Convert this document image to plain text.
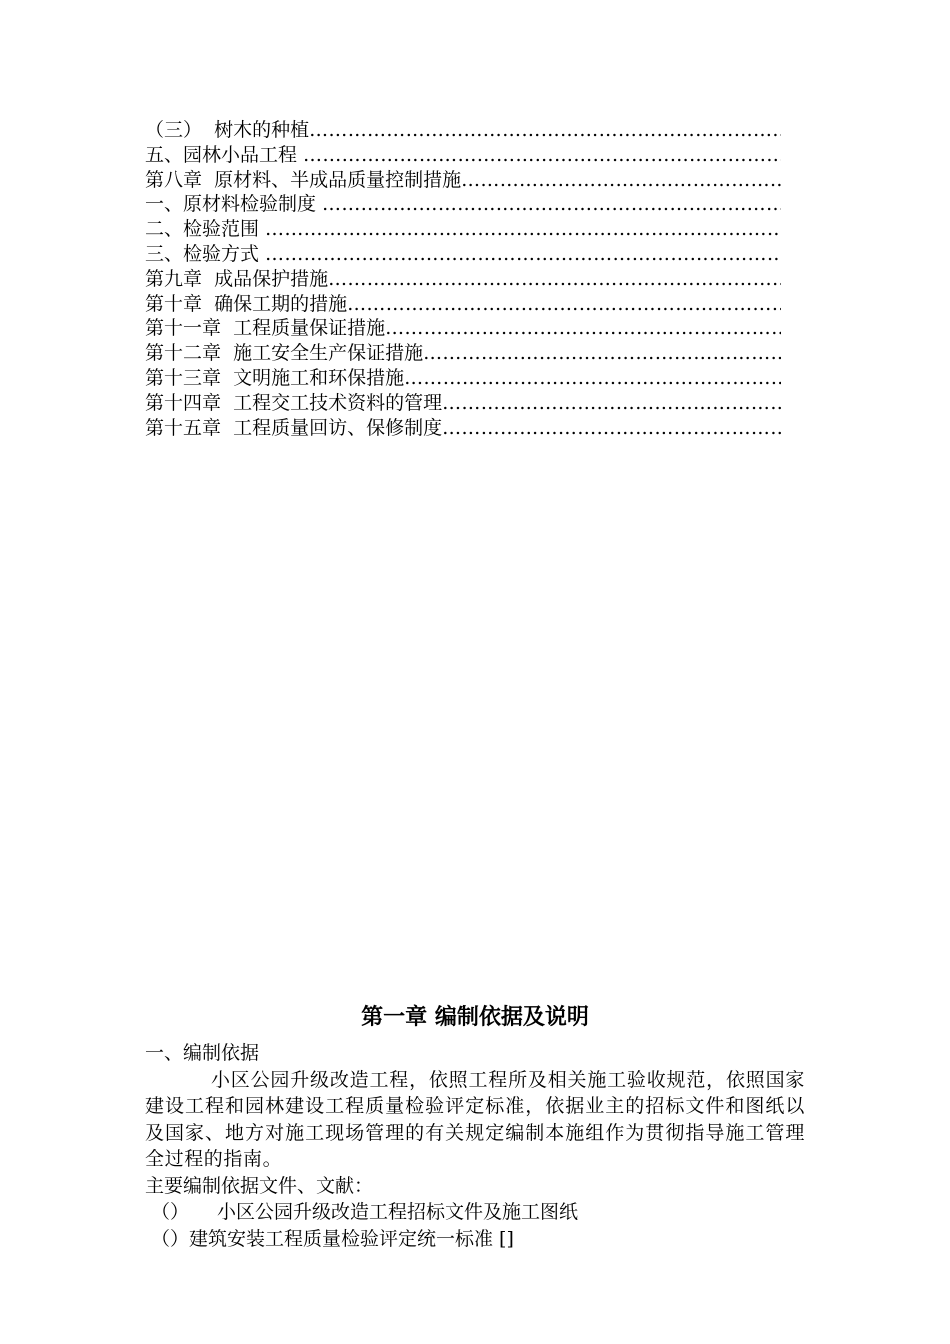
（三）  树木的种植
…………………………………………………………………………………………………………
五、园林小品工程
…………………………………………………………………………………………………………
第八章  原材料、半成品质量控制措施
…………………………………………………………………………………………………………
一、原材料检验制度
…………………………………………………………………………………………………………
二、检验范围
…………………………………………………………………………………………………………
三、检验方式
…………………………………………………………………………………………………………
第九章  成品保护措施
…………………………………………………………………………………………………………
第十章  确保工期的措施
…………………………………………………………………………………………………………
第十一章  工程质量保证措施
…………………………………………………………………………………………………………
第十二章  施工安全生产保证措施
…………………………………………………………………………………………………………
第十三章  文明施工和环保措施
…………………………………………………………………………………………………………
第十四章  工程交工技术资料的管理
…………………………………………………………………………………………………………
第十五章  工程质量回访、保修制度
…………………………………………………………………………………………………………
第一章 编制依据及说明

一、编制依据

小区公园升级改造工程，依照工程所及相关施工验收规范，依照国家建设工程和园林建设工程质量检验评定标准，依据业主的招标文件和图纸以及国家、地方对施工现场管理的有关规定编制本施组作为贯彻指导施工管理全过程的指南。

主要编制依据文件、文献：

（）	小区公园升级改造工程招标文件及施工图纸

（） 建筑安装工程质量检验评定统一标准 []
